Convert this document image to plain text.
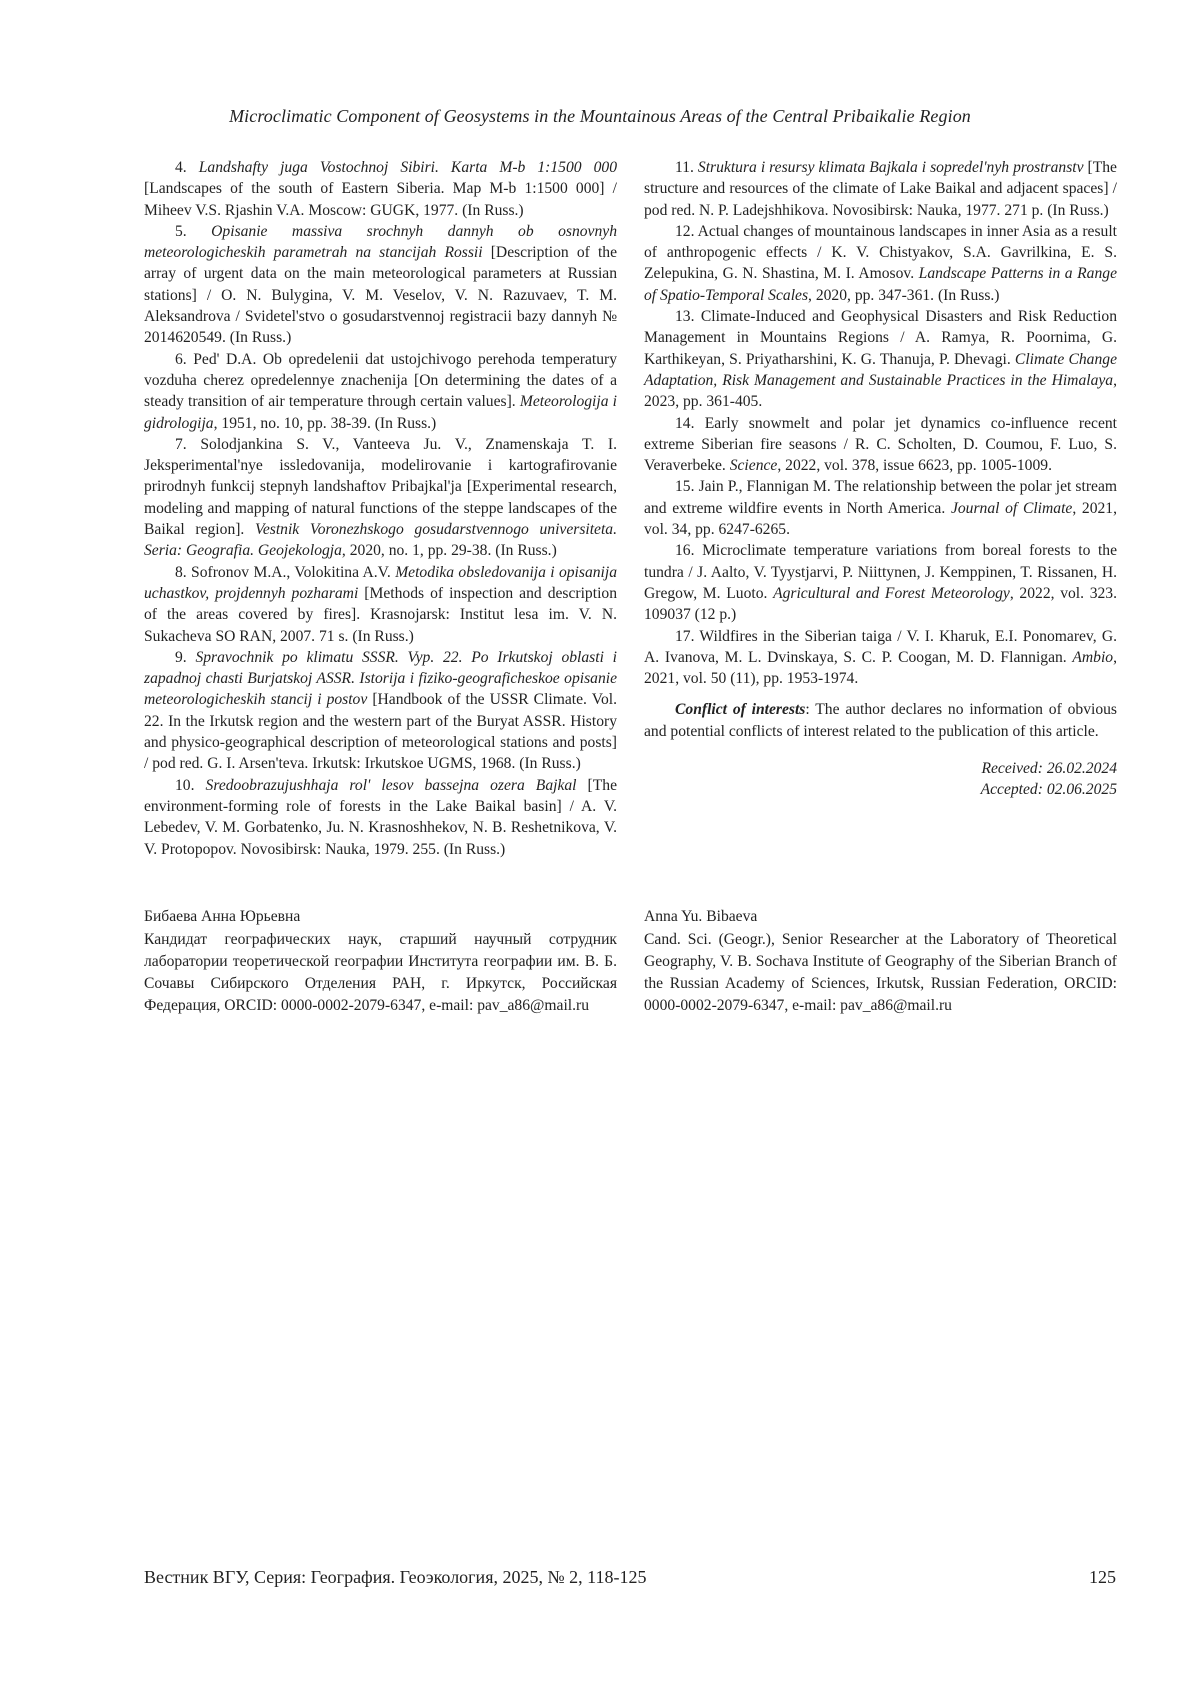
Microclimatic Component of Geosystems in the Mountainous Areas of the Central Pribaikalie Region

4. Landshafty juga Vostochnoj Sibiri. Karta M-b 1:1500 000 [Landscapes of the south of Eastern Siberia. Map M-b 1:1500 000] / Miheev V.S. Rjashin V.A. Moscow: GUGK, 1977. (In Russ.)

5. Opisanie massiva srochnyh dannyh ob osnovnyh meteorologicheskih parametrah na stancijah Rossii [Description of the array of urgent data on the main meteorological parameters at Russian stations] / O. N. Bulygina, V. M. Veselov, V. N. Razuvaev, T. M. Aleksandrova / Svidetel'stvo o gosudarstvennoj registracii bazy dannyh № 2014620549. (In Russ.)

6. Ped' D.A. Ob opredelenii dat ustojchivogo perehoda temperatury vozduha cherez opredelennye znachenija [On determining the dates of a steady transition of air temperature through certain values]. Meteorologija i gidrologija, 1951, no. 10, pp. 38-39. (In Russ.)

7. Solodjankina S. V., Vanteeva Ju. V., Znamenskaja T. I. Jeksperimental'nye issledovanija, modelirovanie i kartografirovanie prirodnyh funkcij stepnyh landshaftov Pribajkal'ja [Experimental research, modeling and mapping of natural functions of the steppe landscapes of the Baikal region]. Vestnik Voronezhskogo gosudarstvennogo universiteta. Seria: Geografia. Geojekologja, 2020, no. 1, pp. 29-38. (In Russ.)

8. Sofronov M.A., Volokitina A.V. Metodika obsledovanija i opisanija uchastkov, projdennyh pozharami [Methods of inspection and description of the areas covered by fires]. Krasnojarsk: Institut lesa im. V. N. Sukacheva SO RAN, 2007. 71 s. (In Russ.)

9. Spravochnik po klimatu SSSR. Vyp. 22. Po Irkutskoj oblasti i zapadnoj chasti Burjatskoj ASSR. Istorija i fiziko-geograficheskoe opisanie meteorologicheskih stancij i postov [Handbook of the USSR Climate. Vol. 22. In the Irkutsk region and the western part of the Buryat ASSR. History and physico-geographical description of meteorological stations and posts] / pod red. G. I. Arsen'teva. Irkutsk: Irkutskoe UGMS, 1968. (In Russ.)

10. Sredoobrazujushhaja rol' lesov bassejna ozera Bajkal [The environment-forming role of forests in the Lake Baikal basin] / A. V. Lebedev, V. M. Gorbatenko, Ju. N. Krasnoshhekov, N. B. Reshetnikova, V. V. Protopopov. Novosibirsk: Nauka, 1979. 255. (In Russ.)

11. Struktura i resursy klimata Bajkala i sopredel'nyh prostranstv [The structure and resources of the climate of Lake Baikal and adjacent spaces] / pod red. N. P. Ladejshhikova. Novosibirsk: Nauka, 1977. 271 p. (In Russ.)

12. Actual changes of mountainous landscapes in inner Asia as a result of anthropogenic effects / K. V. Chistyakov, S.A. Gavrilkina, E. S. Zelepukina, G. N. Shastina, M. I. Amosov. Landscape Patterns in a Range of Spatio-Temporal Scales, 2020, pp. 347-361. (In Russ.)

13. Climate-Induced and Geophysical Disasters and Risk Reduction Management in Mountains Regions / A. Ramya, R. Poornima, G. Karthikeyan, S. Priyatharshini, K. G. Thanuja, P. Dhevagi. Climate Change Adaptation, Risk Management and Sustainable Practices in the Himalaya, 2023, pp. 361-405.

14. Early snowmelt and polar jet dynamics co-influence recent extreme Siberian fire seasons / R. C. Scholten, D. Coumou, F. Luo, S. Veraverbeke. Science, 2022, vol. 378, issue 6623, pp. 1005-1009.

15. Jain P., Flannigan M. The relationship between the polar jet stream and extreme wildfire events in North America. Journal of Climate, 2021, vol. 34, pp. 6247-6265.

16. Microclimate temperature variations from boreal forests to the tundra / J. Aalto, V. Tyystjarvi, P. Niittynen, J. Kemppinen, T. Rissanen, H. Gregow, M. Luoto. Agricultural and Forest Meteorology, 2022, vol. 323. 109037 (12 p.)

17. Wildfires in the Siberian taiga / V. I. Kharuk, E.I. Ponomarev, G. A. Ivanova, M. L. Dvinskaya, S. C. P. Coogan, M. D. Flannigan. Ambio, 2021, vol. 50 (11), pp. 1953-1974.

Conflict of interests: The author declares no information of obvious and potential conflicts of interest related to the publication of this article.

Received: 26.02.2024
Accepted: 02.06.2025

Бибаева Анна Юрьевна

Кандидат географических наук, старший научный сотрудник лаборатории теоретической географии Института географии им. В. Б. Сочавы Сибирского Отделения РАН, г. Иркутск, Российская Федерация, ORCID: 0000-0002-2079-6347, e-mail: pav_a86@mail.ru

Anna Yu. Bibaeva

Cand. Sci. (Geogr.), Senior Researcher at the Laboratory of Theoretical Geography, V. B. Sochava Institute of Geography of the Siberian Branch of the Russian Academy of Sciences, Irkutsk, Russian Federation, ORCID: 0000-0002-2079-6347, e-mail: pav_a86@mail.ru

Вестник ВГУ, Серия: География. Геоэкология, 2025, № 2, 118-125	125
